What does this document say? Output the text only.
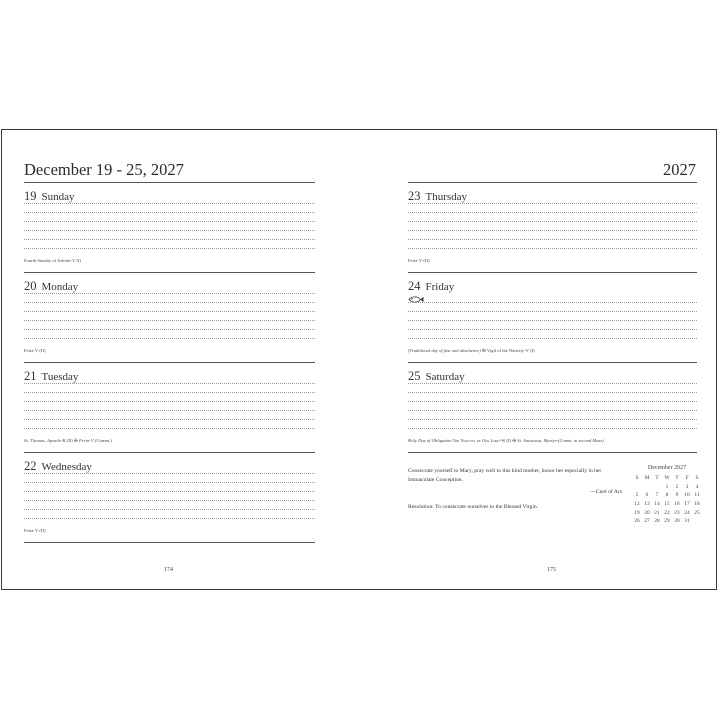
December 19 - 25, 2027
19 Sunday
Fourth Sunday of Advent-V (I)
20 Monday
Feria-V (II)
21 Tuesday
St. Thomas, Apostle-R (II) ✠ Feria-V (Comm.)
22 Wednesday
Feria-V (II)
174
2027
23 Thursday
Feria-V (II)
24 Friday
(Traditional day of fast and abstinence) ✠ Vigil of the Nativity-V (I)
25 Saturday
Holy Day of Obligation The Nativity of Our Lord-W (I) ✠ St. Anastasia, Martyr-(Comm. in second Mass)
Consecrate yourself to Mary, pray well to this kind mother, honor her especially in her Immaculate Conception.
—Curé of Ars
Resolution: To consecrate ourselves to the Blessed Virgin.
December 2027
S	M	T	W	T	F	S
			1	2	3	4
5	6	7	8	9	10	11
12	13	14	15	16	17	18
19	20	21	22	23	24	25
26	27	28	29	30	31	
175
